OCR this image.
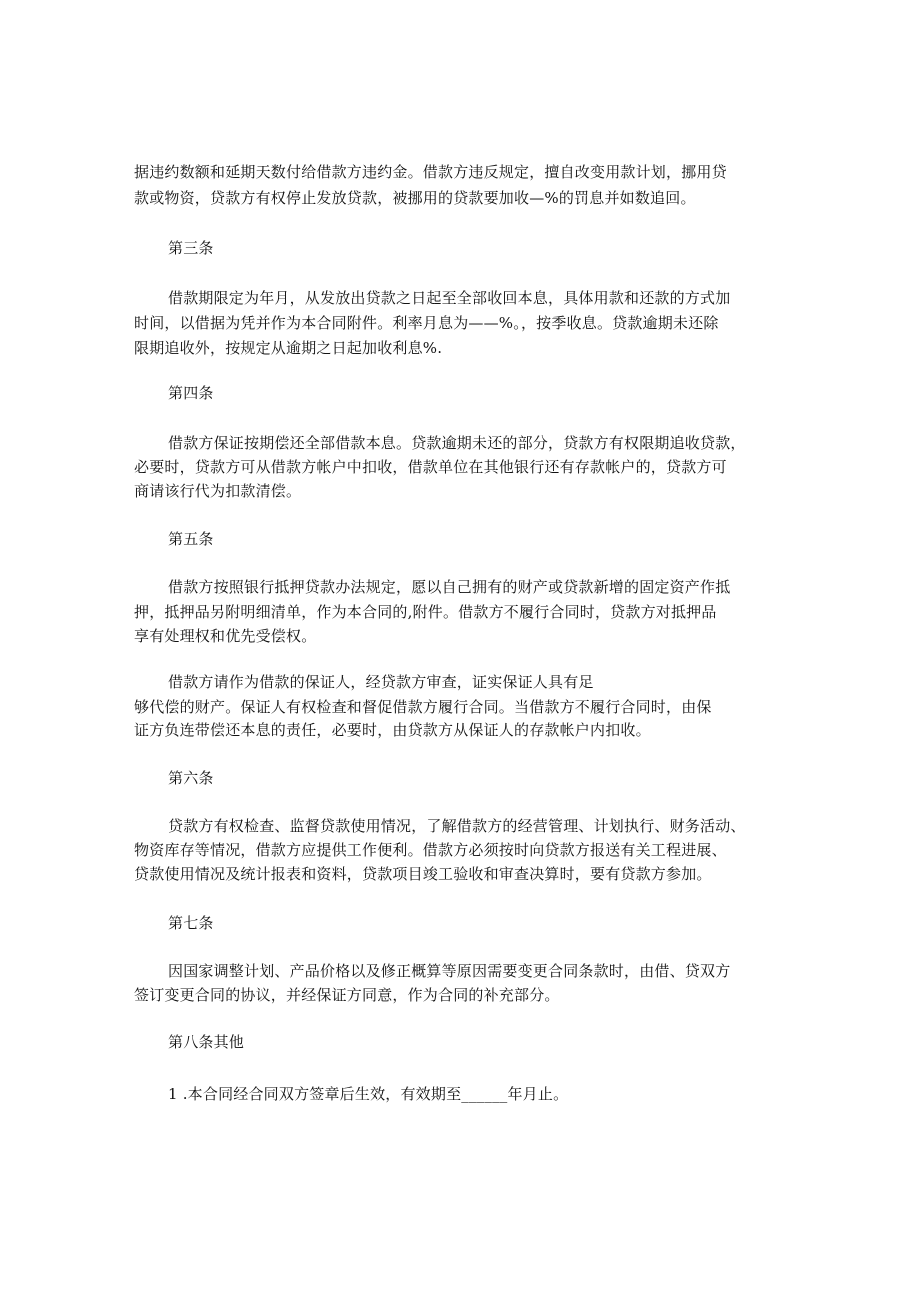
据违约数额和延期天数付给借款方违约金。借款方违反规定，擅自改变用款计划，挪用贷
款或物资，贷款方有权停止发放贷款，被挪用的贷款要加收—%的罚息并如数追回。
第三条
借款期限定为年月，从发放出贷款之日起至全部收回本息，具体用款和还款的方式加
时间，以借据为凭并作为本合同附件。利率月息为——%。，按季收息。贷款逾期未还除
限期追收外，按规定从逾期之日起加收利息%.
第四条
借款方保证按期偿还全部借款本息。贷款逾期未还的部分，贷款方有权限期追收贷款，
必要时，贷款方可从借款方帐户中扣收，借款单位在其他银行还有存款帐户的，贷款方可
商请该行代为扣款清偿。
第五条
借款方按照银行抵押贷款办法规定，愿以自己拥有的财产或贷款新增的固定资产作抵
押，抵押品另附明细清单，作为本合同的,附件。借款方不履行合同时，贷款方对抵押品
享有处理权和优先受偿权。
借款方请作为借款的保证人，经贷款方审查，证实保证人具有足
够代偿的财产。保证人有权检查和督促借款方履行合同。当借款方不履行合同时，由保
证方负连带偿还本息的责任，必要时，由贷款方从保证人的存款帐户内扣收。
第六条
贷款方有权检查、监督贷款使用情况，了解借款方的经营管理、计划执行、财务活动、
物资库存等情况，借款方应提供工作便利。借款方必须按时向贷款方报送有关工程进展、
贷款使用情况及统计报表和资料，贷款项目竣工验收和审查决算时，要有贷款方参加。
第七条
因国家调整计划、产品价格以及修正概算等原因需要变更合同条款时，由借、贷双方
签订变更合同的协议，并经保证方同意，作为合同的补充部分。
第八条其他
1 .本合同经合同双方签章后生效，有效期至______年月止。
